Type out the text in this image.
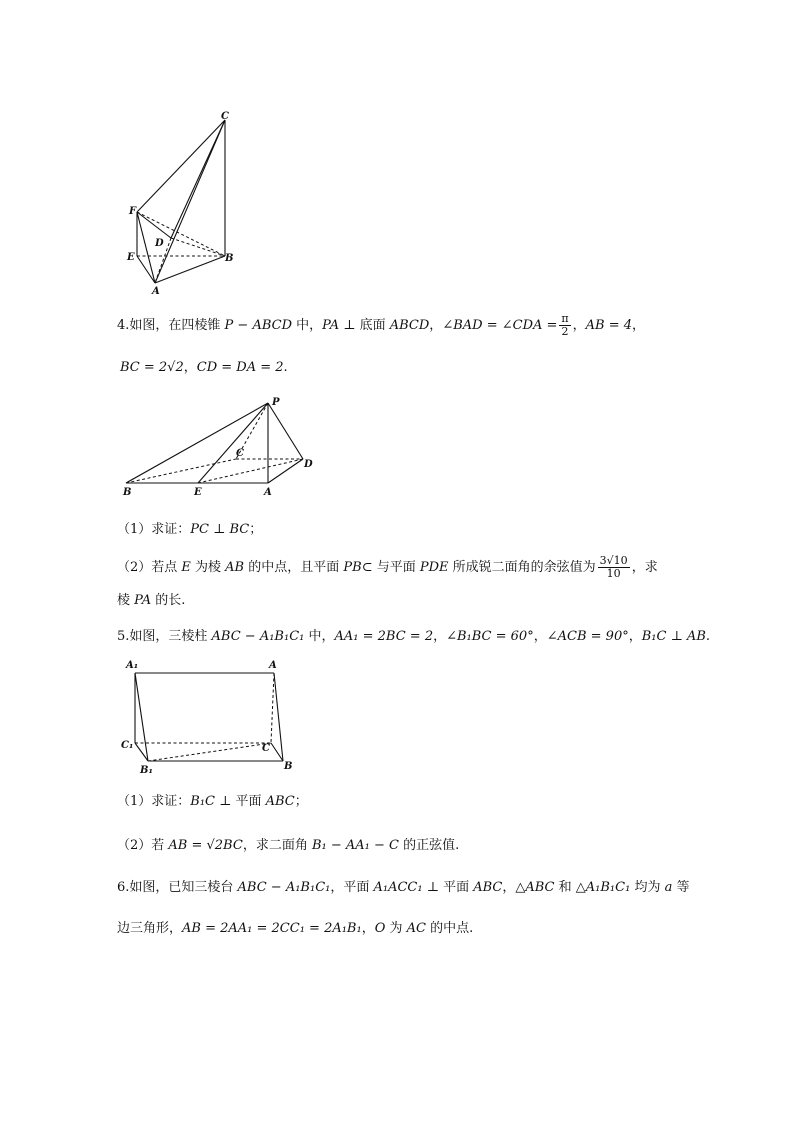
C
F
D
E	B
A
4.如图，在四棱锥 P − ABCD 中，PA ⊥ 底面 ABCD，∠BAD = ∠CDA = $\frac{\pi}{2}$ ，AB = 4，
BC = 2√2，CD = DA = 2.
P
C
D
B	E	A
（1）求证：PC ⊥ BC；
（2）若点 E 为棱 AB 的中点，且平面 PB⊂ 与平面 PDE 所成锐二面角的余弦值为 $\frac{3√10}{10}$ ，求
棱 PA 的长.
5.如图，三棱柱 ABC − A₁B₁C₁ 中，AA₁ = 2BC = 2，∠B₁BC = 60°，∠ACB = 90°，B₁C ⊥ AB.
A₁	A
C₁	C
B₁	B
（1）求证：B₁C ⊥ 平面 ABC；
（2）若 AB = √2BC，求二面角 B₁ − AA₁ − C 的正弦值.
6.如图，已知三棱台 ABC − A₁B₁C₁，平面 A₁ACC₁ ⊥ 平面 ABC，△ABC 和 △A₁B₁C₁ 均为 a 等
边三角形，AB = 2AA₁ = 2CC₁ = 2A₁B₁，O 为 AC 的中点.
